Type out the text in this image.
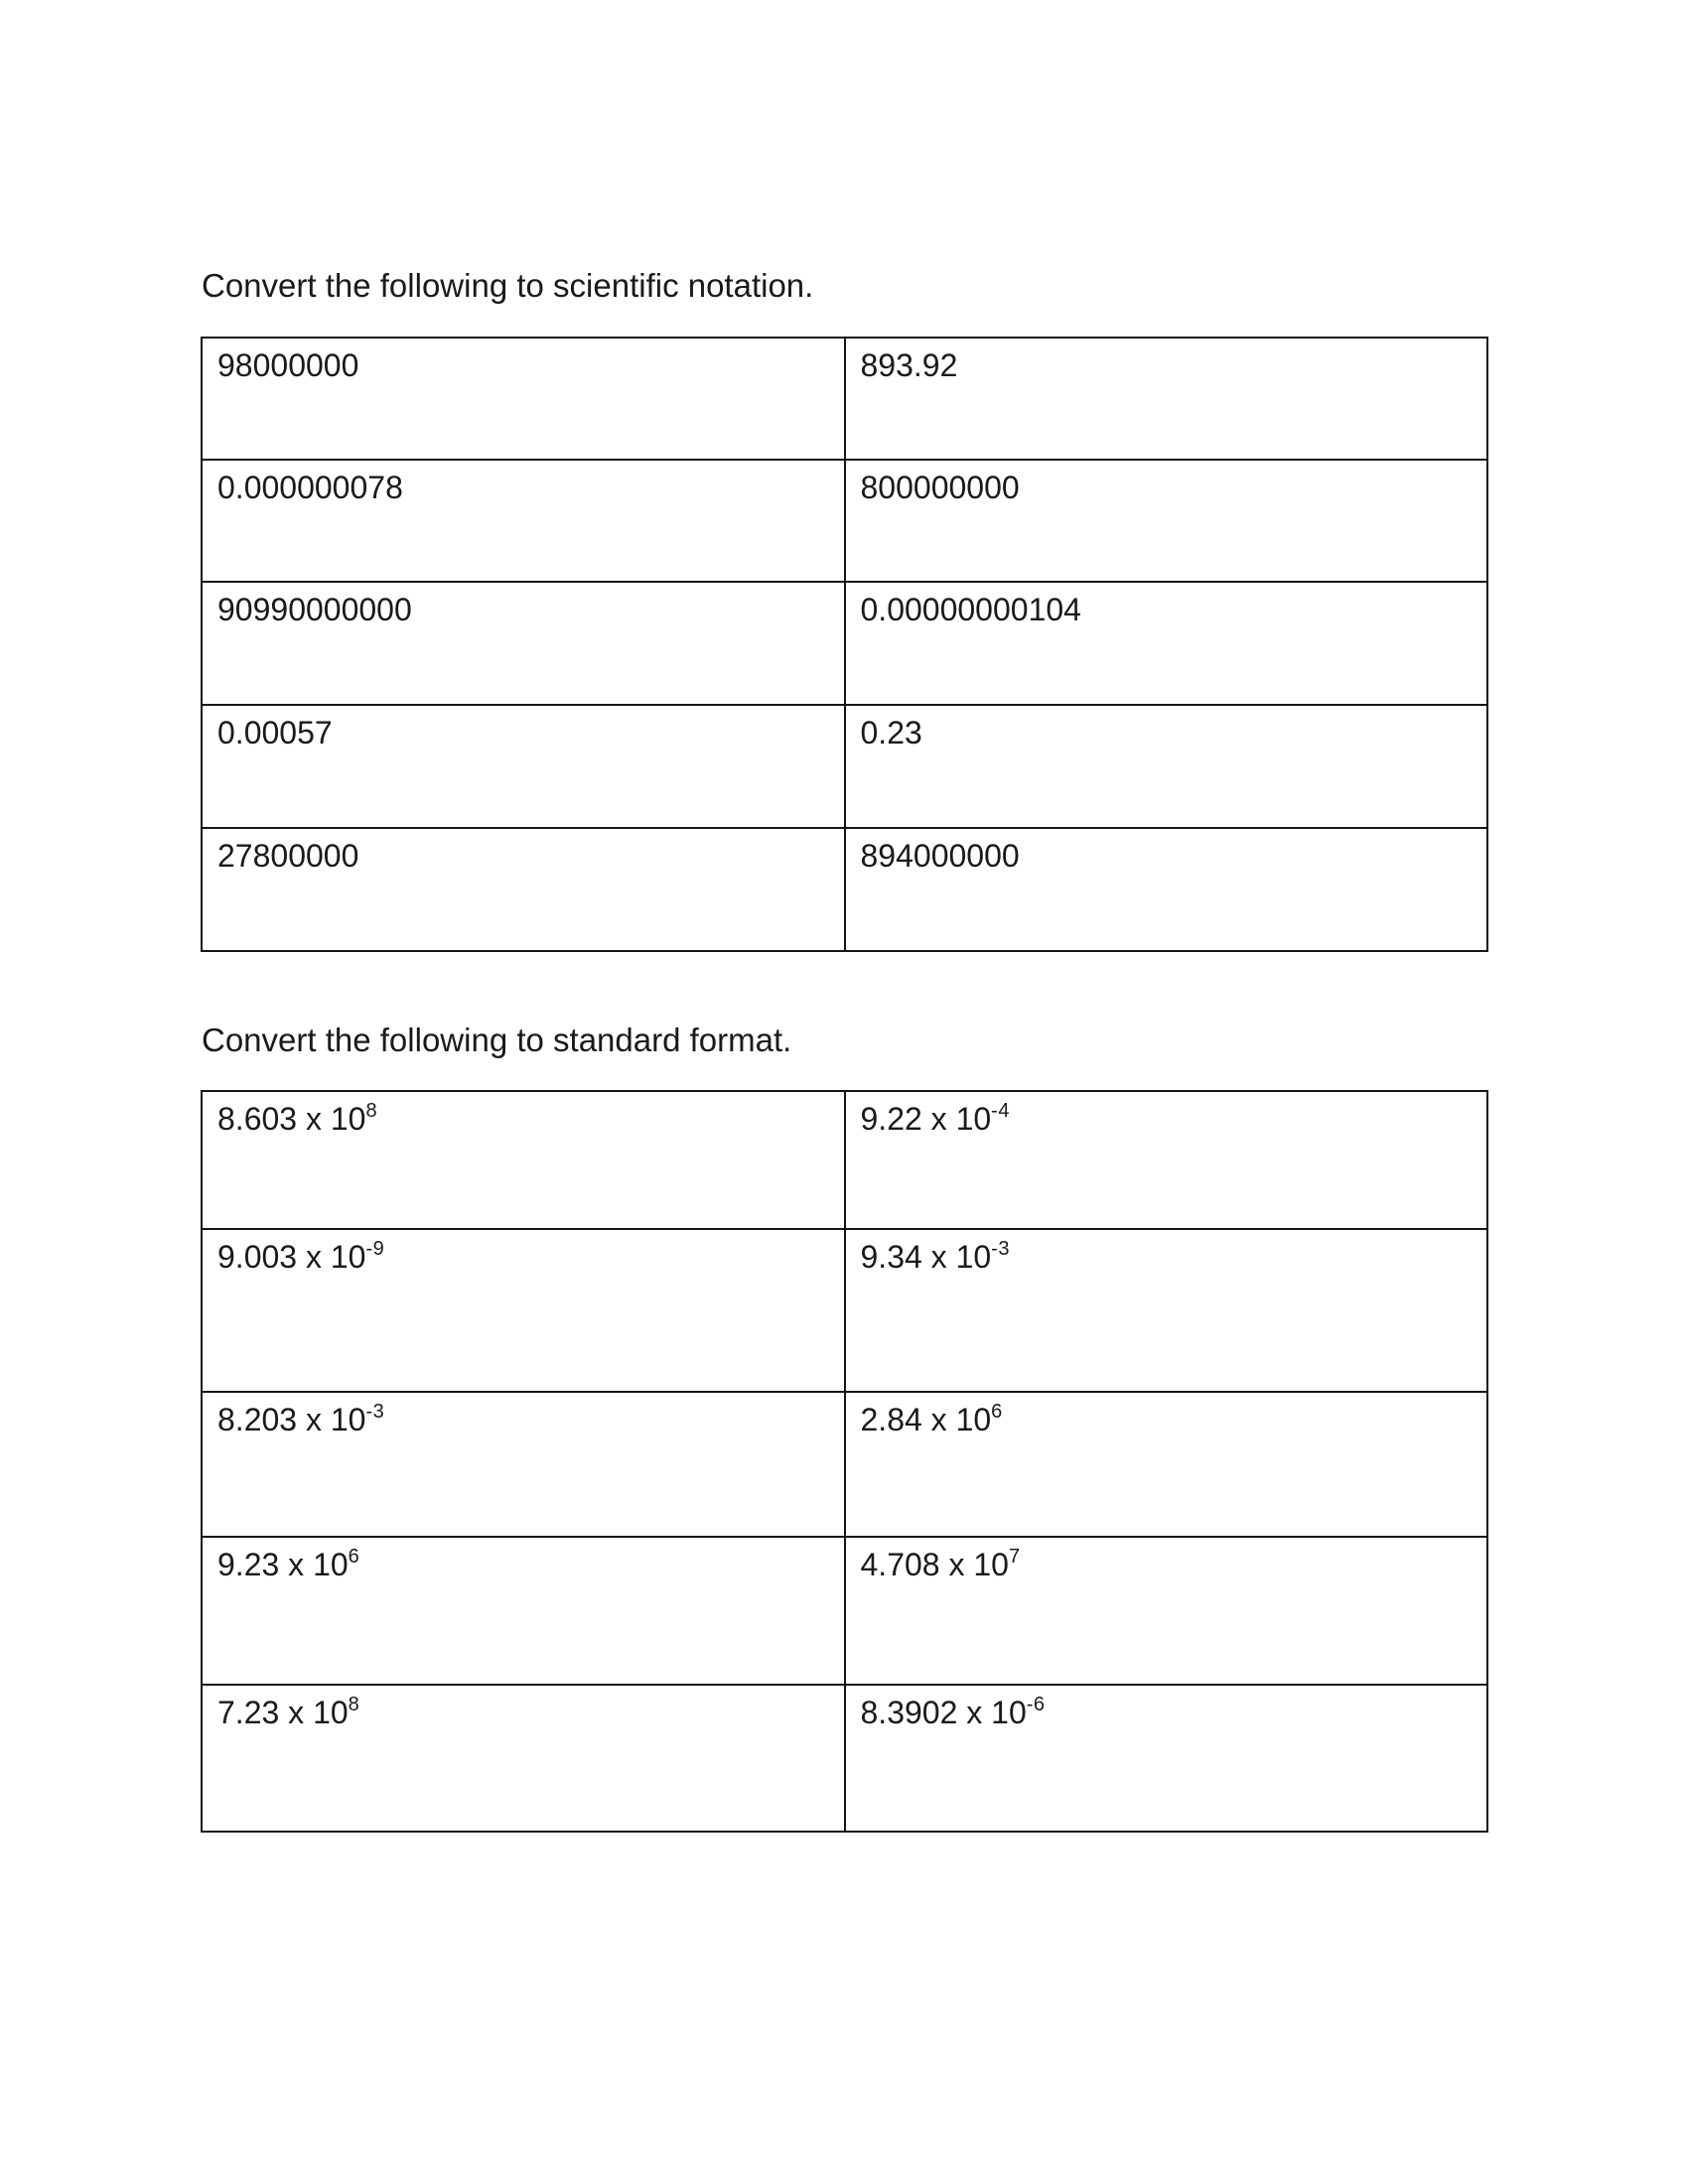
Convert the following to scientific notation.
98000000	893.92
0.000000078	800000000
90990000000	0.00000000104
0.00057	0.23
27800000	894000000
Convert the following to standard format.
8.603 x $10^8$	9.22 x $10^{-4}$
9.003 x $10^{-9}$	9.34 x $10^{-3}$
8.203 x $10^{-3}$	2.84 x $10^6$
9.23 x $10^6$	4.708 x $10^7$
7.23 x $10^8$	8.3902 x $10^{-6}$
